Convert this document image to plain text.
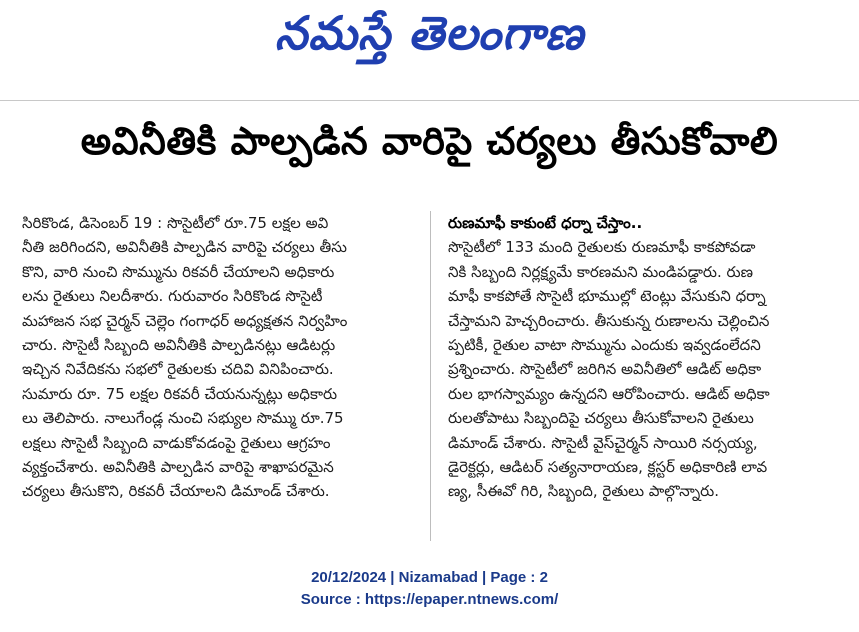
నమస్తే తెలంగాణ
అవినీతికి పాల్పడిన వారిపై చర్యలు తీసుకోవాలి
సిరికొండ, డిసెంబర్ 19 : సొసైటీలో రూ.75 లక్షల అవి
నీతి జరిగిందని, అవినీతికి పాల్పడిన వారిపై చర్యలు తీసు
కొని, వారి నుంచి సొమ్మును రికవరీ చేయాలని అధికారు
లను రైతులు నిలదీశారు. గురువారం సిరికొండ సొసైటీ
మహాజన సభ చైర్మన్ చెల్లెం గంగాధర్ అధ్యక్షతన నిర్వహిం
చారు. సొసైటీ సిబ్బంది అవినీతికి పాల్పడినట్లు ఆడిటర్లు
ఇచ్చిన నివేదికను సభలో రైతులకు చదివి వినిపించారు.
సుమారు రూ. 75 లక్షల రికవరీ చేయనున్నట్లు అధికారు
లు తెలిపారు. నాలుగేండ్ల నుంచి సభ్యుల సొమ్ము రూ.75
లక్షలు సొసైటీ సిబ్బంది వాడుకోవడంపై రైతులు ఆగ్రహం
వ్యక్తంచేశారు. అవినీతికి పాల్పడిన వారిపై శాఖాపరమైన
చర్యలు తీసుకొని, రికవరీ చేయాలని డిమాండ్ చేశారు.
రుణమాఫీ కాకుంటే ధర్నా చేస్తాం..
సొసైటీలో 133 మంది రైతులకు రుణమాఫీ కాకపోవడా
నికి సిబ్బంది నిర్లక్ష్యమే కారణమని మండిపడ్డారు. రుణ
మాఫీ కాకపోతే సొసైటీ భూముల్లో టెంట్లు వేసుకుని ధర్నా
చేస్తామని హెచ్చరించారు. తీసుకున్న రుణాలను చెల్లించిన
ప్పటికీ, రైతుల వాటా సొమ్మును ఎందుకు ఇవ్వడంలేదని
ప్రశ్నించారు. సొసైటీలో జరిగిన అవినీతిలో ఆడిట్ అధికా
రుల భాగస్వామ్యం ఉన్నదని ఆరోపించారు. ఆడిట్ అధికా
రులతోపాటు సిబ్బందిపై చర్యలు తీసుకోవాలని రైతులు
డిమాండ్ చేశారు. సొసైటీ వైస్‌చైర్మన్ సాయిరి నర్సయ్య,
డైరెక్టర్లు, ఆడిటర్ సత్యనారాయణ, క్లస్టర్ అధికారిణి లావ
ణ్య, సీఈవో గిరి, సిబ్బంది, రైతులు పాల్గొన్నారు.
20/12/2024 | Nizamabad | Page : 2
Source : https://epaper.ntnews.com/
